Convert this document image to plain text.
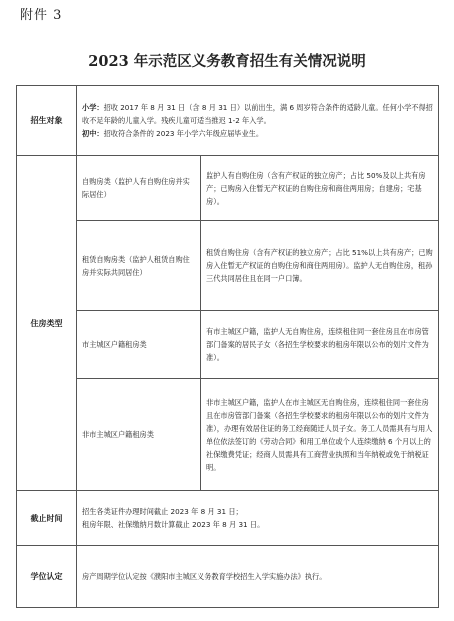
附件 3
2023 年示范区义务教育招生有关情况说明
招生对象	小学：招收 2017 年 8 月 31 日（含 8 月 31 日）以前出生，满 6 周岁符合条件的适龄儿童。任何小学不得招收不足年龄的儿童入学。残疾儿童可适当推迟 1-2 年入学。

初中：招收符合条件的 2023 年小学六年级应届毕业生。	

住房类型	自购房类（监护人有自购住房并实际居住）	监护人有自购住房（含有产权证的独立房产；占比 50%及以上共有房产；已购房入住暂无产权证的自购住房和商住两用房；自建房；宅基房）。
	租赁自购房类（监护人租赁自购住房并实际共同居住）	租赁自购住房（含有产权证的独立房产；占比 51%以上共有房产；已购房入住暂无产权证的自购住房和商住两用房）。监护人无自购住房，租孙三代共同居住且在同一户口簿。
	市主城区户籍租房类	有市主城区户籍，监护人无自购住房，连续租住同一套住房且在市房管部门备案的居民子女（各招生学校要求的租房年限以公布的划片文件为准）。
	非市主城区户籍租房类	非市主城区户籍，监护人在市主城区无自购住房，连续租住同一套住房且在市房管部门备案（各招生学校要求的租房年限以公布的划片文件为准），办理有效居住证的务工经商随迁人员子女。务工人员需具有与用人单位依法签订的《劳动合同》和用工单位或个人连续缴纳 6 个月以上的社保缴费凭证；经商人员需具有工商营业执照和当年纳税或免于纳税证明。
截止时间	招生各类证件办理时间截止 2023 年 8 月 31 日；

租房年限、社保缴纳月数计算截止 2023 年 8 月 31 日。	

学位认定	房产周期学位认定按《濮阳市主城区义务教育学校招生入学实施办法》执行。	
